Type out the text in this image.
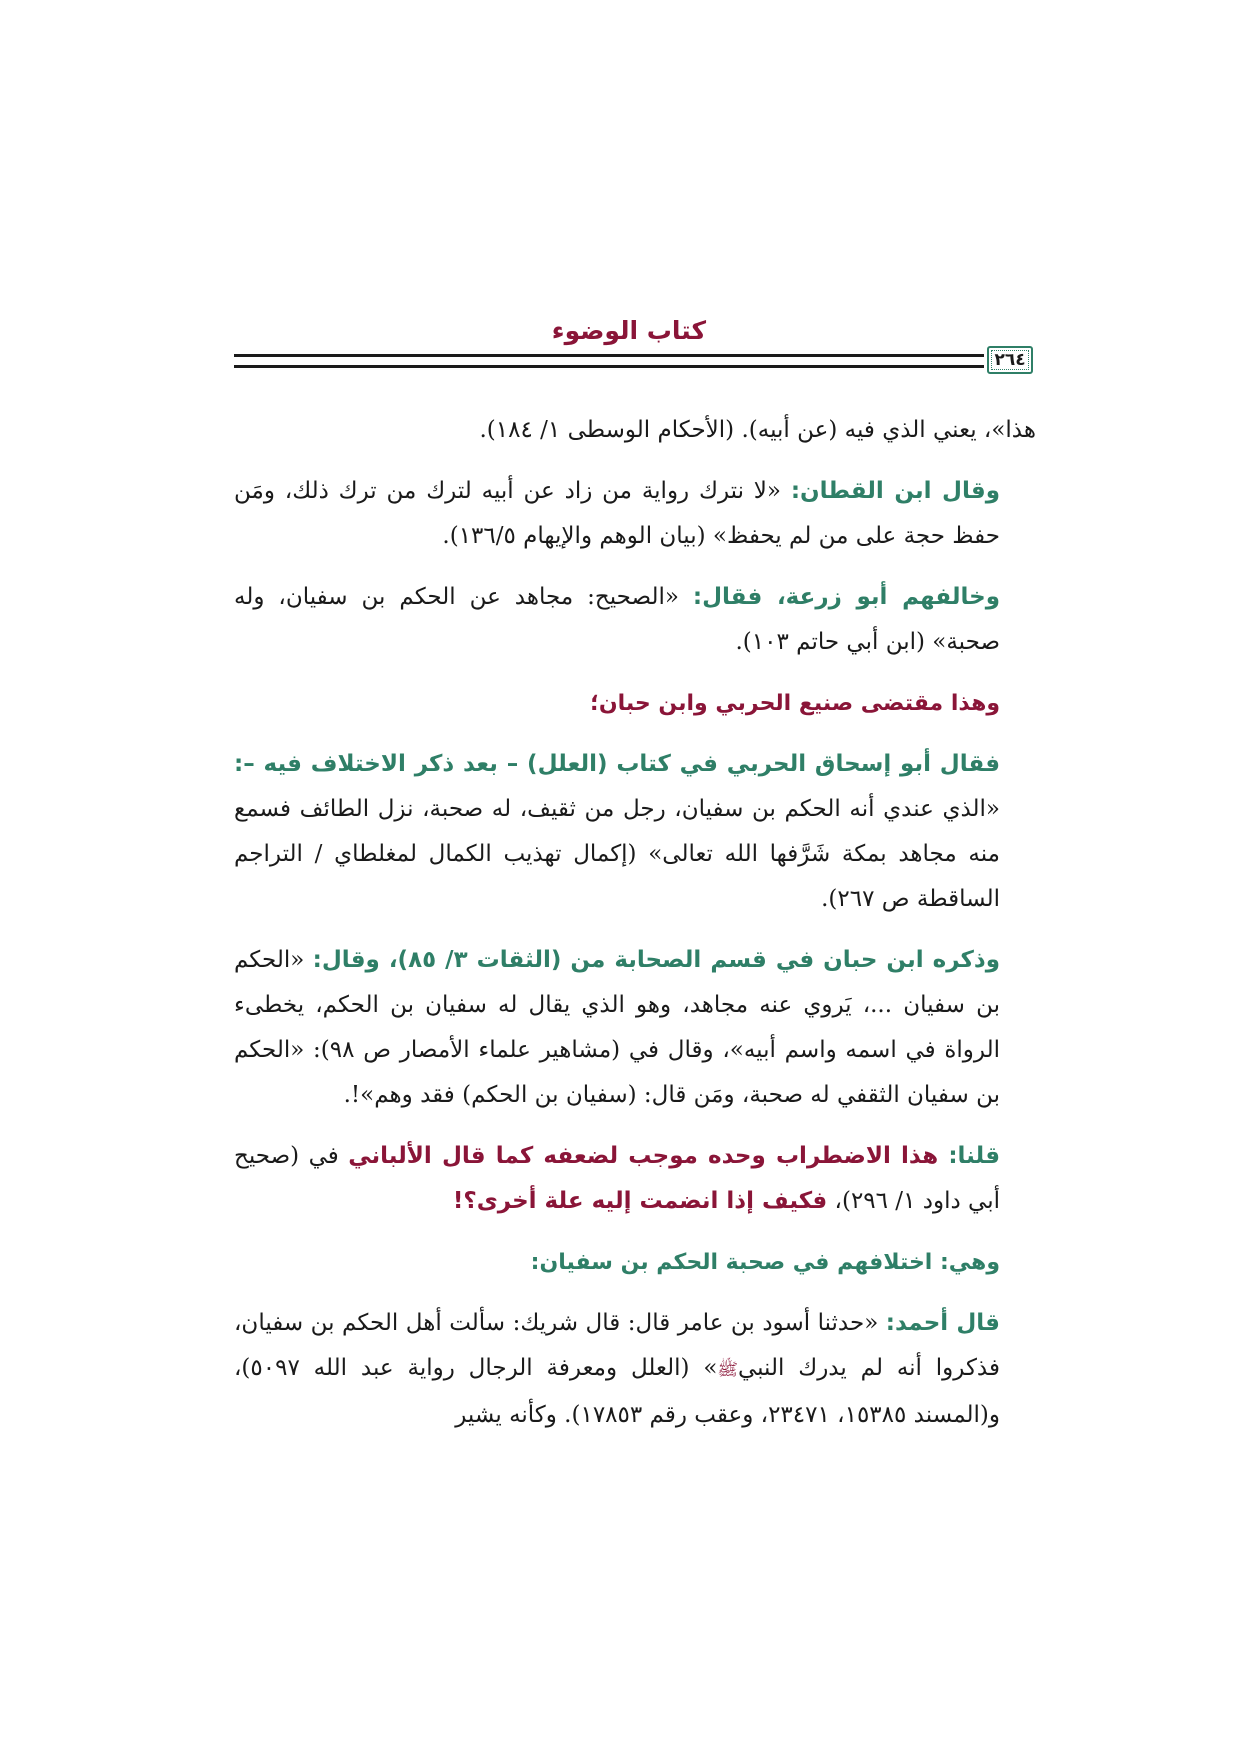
كتاب الوضوء
٢٦٤

هذا»، يعني الذي فيه (عن أبيه). (الأحكام الوسطى ١/ ١٨٤).

وقال ابن القطان: «لا نترك رواية من زاد عن أبيه لترك من ترك ذلك، ومَن حفظ حجة على من لم يحفظ» (بيان الوهم والإيهام ١٣٦/٥).

وخالفهم أبو زرعة، فقال: «الصحيح: مجاهد عن الحكم بن سفيان، وله صحبة» (ابن أبي حاتم ١٠٣).

وهذا مقتضى صنيع الحربي وابن حبان؛

فقال أبو إسحاق الحربي في كتاب (العلل) – بعد ذكر الاختلاف فيه –: «الذي عندي أنه الحكم بن سفيان، رجل من ثقيف، له صحبة، نزل الطائف فسمع منه مجاهد بمكة شَرَّفها الله تعالى» (إكمال تهذيب الكمال لمغلطاي / التراجم الساقطة ص ٢٦٧).

وذكره ابن حبان في قسم الصحابة من (الثقات ٣/ ٨٥)، وقال: «الحكم بن سفيان ...، يَروي عنه مجاهد، وهو الذي يقال له سفيان بن الحكم، يخطىء الرواة في اسمه واسم أبيه»، وقال في (مشاهير علماء الأمصار ص ٩٨): «الحكم بن سفيان الثقفي له صحبة، ومَن قال: (سفيان بن الحكم) فقد وهم»!.

قلنا: هذا الاضطراب وحده موجب لضعفه كما قال الألباني في (صحيح أبي داود ١/ ٢٩٦)، فكيف إذا انضمت إليه علة أخرى؟!

وهي: اختلافهم في صحبة الحكم بن سفيان:

قال أحمد: «حدثنا أسود بن عامر قال: قال شريك: سألت أهل الحكم بن سفيان، فذكروا أنه لم يدرك النبيﷺ» (العلل ومعرفة الرجال رواية عبد الله ٥٠٩٧)، و(المسند ١٥٣٨٥، ٢٣٤٧١، وعقب رقم ١٧٨٥٣). وكأنه يشير
